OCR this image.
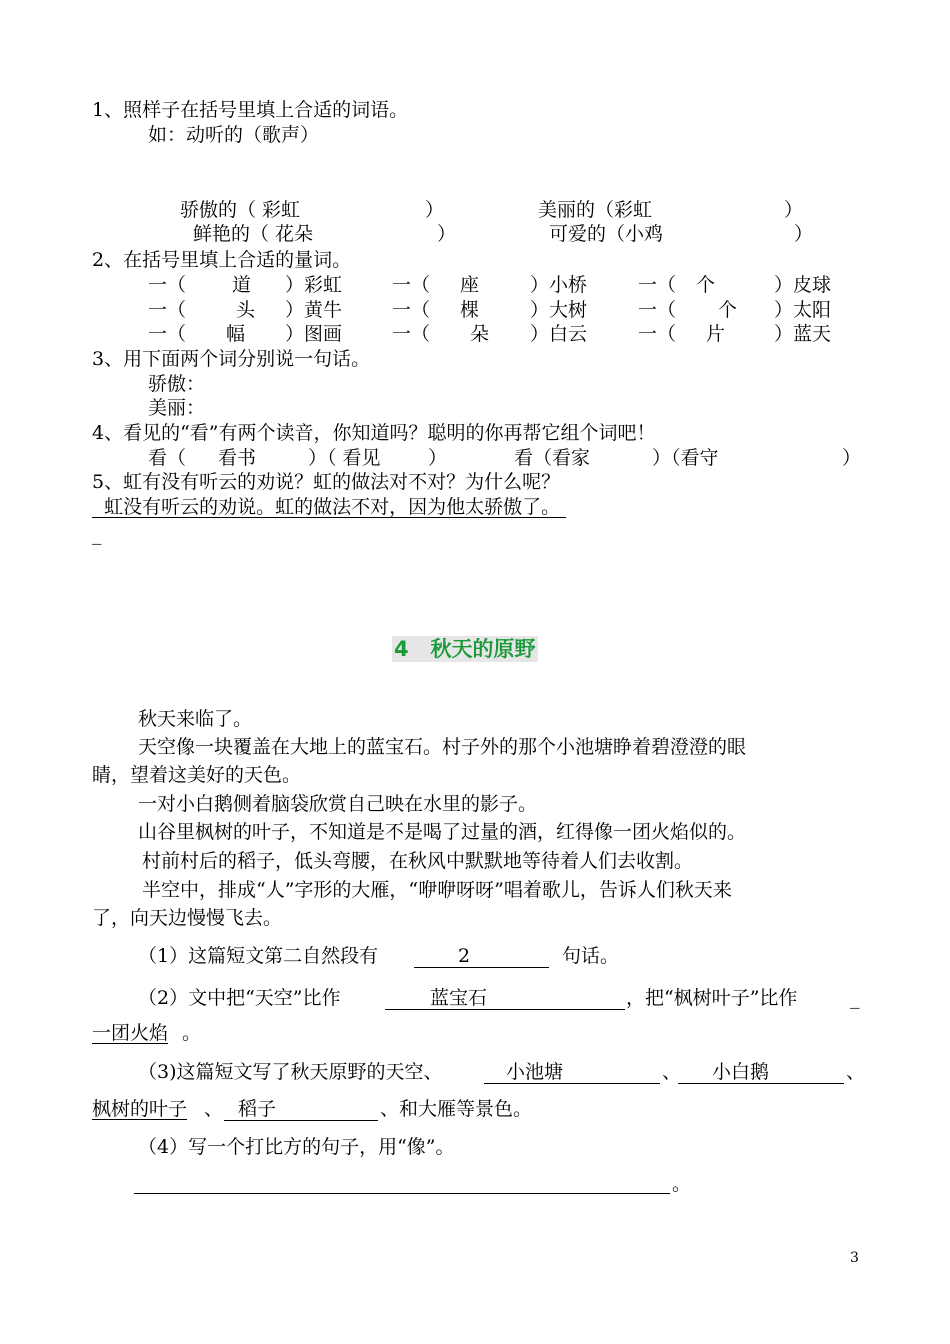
1、照样子在括号里填上合适的词语。
如：动听的（歌声）
骄傲的（ 彩虹	）	美丽的（彩虹	）
鲜艳的（ 花朵	）	可爱的（小鸡	）
2、在括号里填上合适的量词。
一（ 道 ）彩虹	一（ 座	）小桥	一（ 个	）皮球
一（	头 ）黄牛	一（ 棵	）大树	一（ 个 ）太阳
一（ 幅 ）图画	一（ 朵 ）白云	一（ 片	）蓝天
3、用下面两个词分别说一句话。
骄傲：
美丽：
4、看见的“看”有两个读音，你知道吗？聪明的你再帮它组个词吧！
看（ 看书	）（ 看见 ）	看（看家	）（看守	）
5、虹有没有听云的劝说？虹的做法对不对？为什么呢？
虹没有听云的劝说。虹的做法不对，因为他太骄傲了。
_
4   秋天的原野
秋天来临了。
天空像一块覆盖在大地上的蓝宝石。村子外的那个小池塘睁着碧澄澄的眼
睛，望着这美好的天色。
一对小白鹅侧着脑袋欣赏自己映在水里的影子。
山谷里枫树的叶子，不知道是不是喝了过量的酒，红得像一团火焰似的。
村前村后的稻子，低头弯腰，在秋风中默默地等待着人们去收割。
半空中，排成“人”字形的大雁，“咿咿呀呀”唱着歌儿，告诉人们秋天来
了，向天边慢慢飞去。
（1）这篇短文第二自然段有	2	句话。
（2）文中把“天空”比作	蓝宝石	，把“枫树叶子”比作	_
一团火焰 。
（3)这篇短文写了秋天原野的天空、	小池塘	、 小白鹅	、
枫树的叶子 、 稻子	、和大雁等景色。
（4）写一个打比方的句子，用“像”。
。
3
